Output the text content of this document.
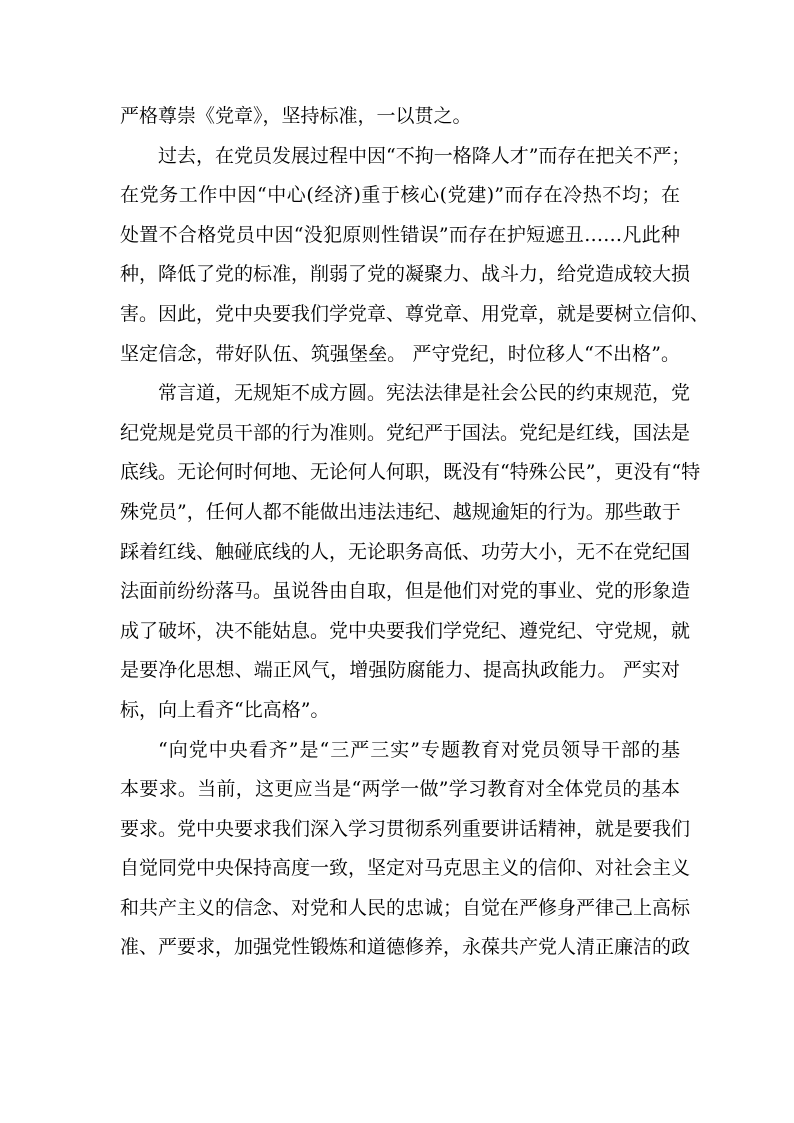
严格尊崇《党章》，坚持标准，一以贯之。
过去，在党员发展过程中因“不拘一格降人才”而存在把关不严；
在党务工作中因“中心(经济)重于核心(党建)”而存在冷热不均；在
处置不合格党员中因“没犯原则性错误”而存在护短遮丑……凡此种
种，降低了党的标准，削弱了党的凝聚力、战斗力，给党造成较大损
害。因此，党中央要我们学党章、尊党章、用党章，就是要树立信仰、
坚定信念，带好队伍、筑强堡垒。 严守党纪，时位移人“不出格”。
常言道，无规矩不成方圆。宪法法律是社会公民的约束规范，党
纪党规是党员干部的行为准则。党纪严于国法。党纪是红线，国法是
底线。无论何时何地、无论何人何职，既没有“特殊公民”，更没有“特
殊党员”，任何人都不能做出违法违纪、越规逾矩的行为。那些敢于
踩着红线、触碰底线的人，无论职务高低、功劳大小，无不在党纪国
法面前纷纷落马。虽说咎由自取，但是他们对党的事业、党的形象造
成了破坏，决不能姑息。党中央要我们学党纪、遵党纪、守党规，就
是要净化思想、端正风气，增强防腐能力、提高执政能力。 严实对
标，向上看齐“比高格”。
“向党中央看齐”是“三严三实”专题教育对党员领导干部的基
本要求。当前，这更应当是“两学一做”学习教育对全体党员的基本
要求。党中央要求我们深入学习贯彻系列重要讲话精神，就是要我们
自觉同党中央保持高度一致，坚定对马克思主义的信仰、对社会主义
和共产主义的信念、对党和人民的忠诚；自觉在严修身严律己上高标
准、严要求，加强党性锻炼和道德修养，永葆共产党人清正廉洁的政
